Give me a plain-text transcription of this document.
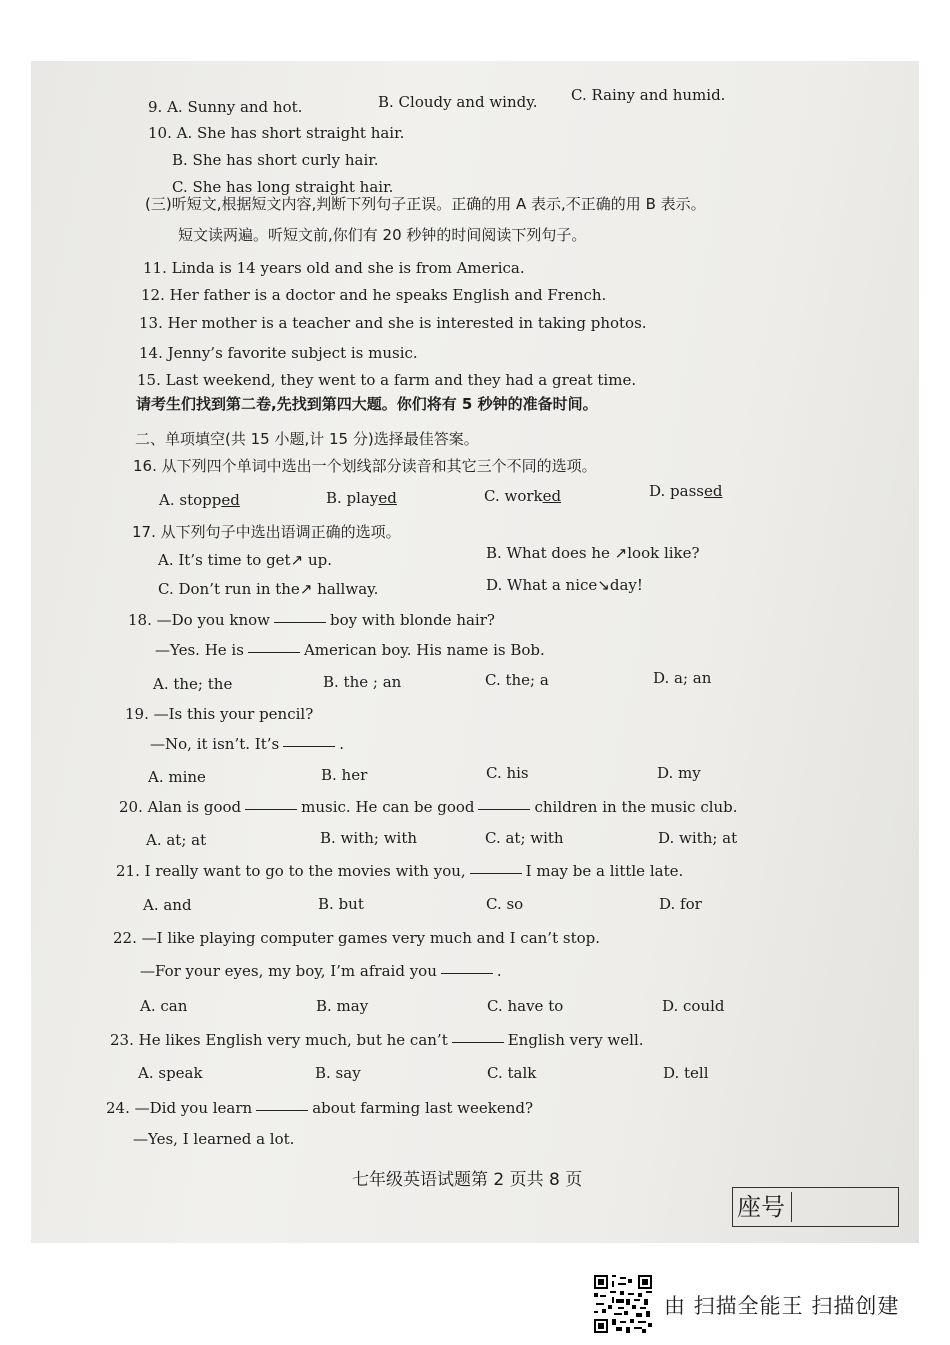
9. A. Sunny and hot.	B. Cloudy and windy. C. Rainy and humid.
10. A. She has short straight hair.
B. She has short curly hair.
C. She has long straight hair.
(三)听短文,根据短文内容,判断下列句子正误。正确的用 A 表示,不正确的用 B 表示。
短文读两遍。听短文前,你们有 20 秒钟的时间阅读下列句子。
11. Linda is 14 years old and she is from America.
12. Her father is a doctor and he speaks English and French.
13. Her mother is a teacher and she is interested in taking photos.
14. Jenny’s favorite subject is music.
15. Last weekend, they went to a farm and they had a great time.
请考生们找到第二卷,先找到第四大题。你们将有 5 秒钟的准备时间。
二、单项填空(共 15 小题,计 15 分)选择最佳答案。
16. 从下列四个单词中选出一个划线部分读音和其它三个不同的选项。
A. stopped	B. played	C. worked	D. passed
17. 从下列句子中选出语调正确的选项。
A. It’s time to get↗ up.	B. What does he ↗look like?
C. Don’t run in the↗ hallway.	D. What a nice↘day!
18. —Do you know	boy with blonde hair?
—Yes. He is	American boy. His name is Bob.
A. the; the	B. the ; an	C. the; a	D. a; an
19. —Is this your pencil?
—No, it isn’t. It’s	.
A. mine	B. her	C. his	D. my
20. Alan is good	music. He can be good	children in the music club.
A. at; at	B. with; with	C. at; with	D. with; at
21. I really want to go to the movies with you,	I may be a little late.
A. and	B. but	C. so	D. for
22. —I like playing computer games very much and I can’t stop.
—For your eyes, my boy, I’m afraid you	.
A. can	B. may	C. have to	D. could
23. He likes English very much, but he can’t	English very well.
A. speak	B. say	C. talk	D. tell
24. —Did you learn	about farming last weekend?
—Yes, I learned a lot.
七年级英语试题第 2 页共 8 页
座号
由 扫描全能王 扫描创建
